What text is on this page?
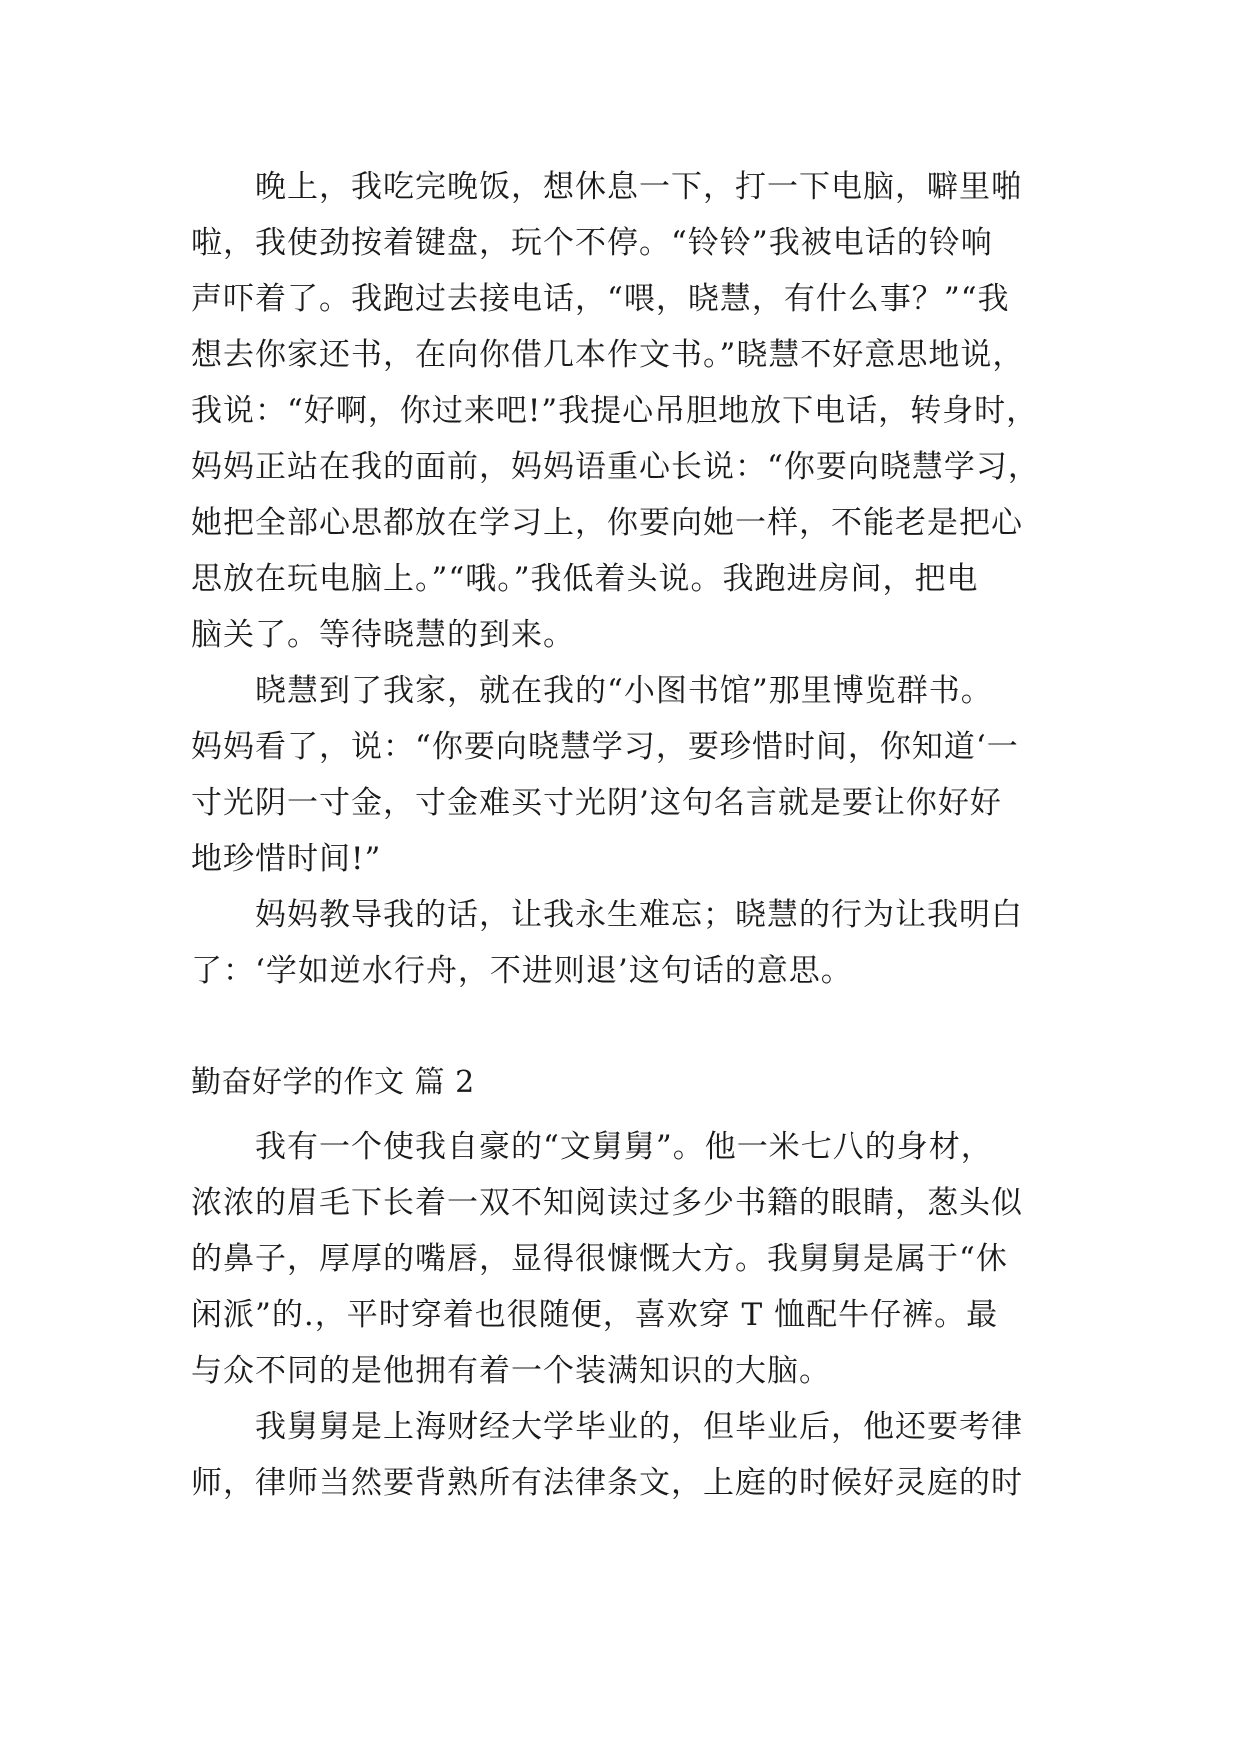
晚上，我吃完晚饭，想休息一下，打一下电脑，噼里啪
啦，我使劲按着键盘，玩个不停。“铃铃”我被电话的铃响
声吓着了。我跑过去接电话，“喂，晓慧，有什么事？”“我
想去你家还书，在向你借几本作文书。”晓慧不好意思地说，
我说：“好啊，你过来吧!”我提心吊胆地放下电话，转身时，
妈妈正站在我的面前，妈妈语重心长说：“你要向晓慧学习，
她把全部心思都放在学习上，你要向她一样，不能老是把心
思放在玩电脑上。”“哦。”我低着头说。我跑进房间，把电
脑关了。等待晓慧的到来。
晓慧到了我家，就在我的“小图书馆”那里博览群书。
妈妈看了，说：“你要向晓慧学习，要珍惜时间，你知道‘一
寸光阴一寸金，寸金难买寸光阴’这句名言就是要让你好好
地珍惜时间!”
妈妈教导我的话，让我永生难忘；晓慧的行为让我明白
了：‘学如逆水行舟，不进则退’这句话的意思。
勤奋好学的作文 篇 2
我有一个使我自豪的“文舅舅”。他一米七八的身材，
浓浓的眉毛下长着一双不知阅读过多少书籍的眼睛，葱头似
的鼻子，厚厚的嘴唇，显得很慷慨大方。我舅舅是属于“休
闲派”的.，平时穿着也很随便，喜欢穿 T 恤配牛仔裤。最
与众不同的是他拥有着一个装满知识的大脑。
我舅舅是上海财经大学毕业的，但毕业后，他还要考律
师，律师当然要背熟所有法律条文，上庭的时候好灵庭的时
